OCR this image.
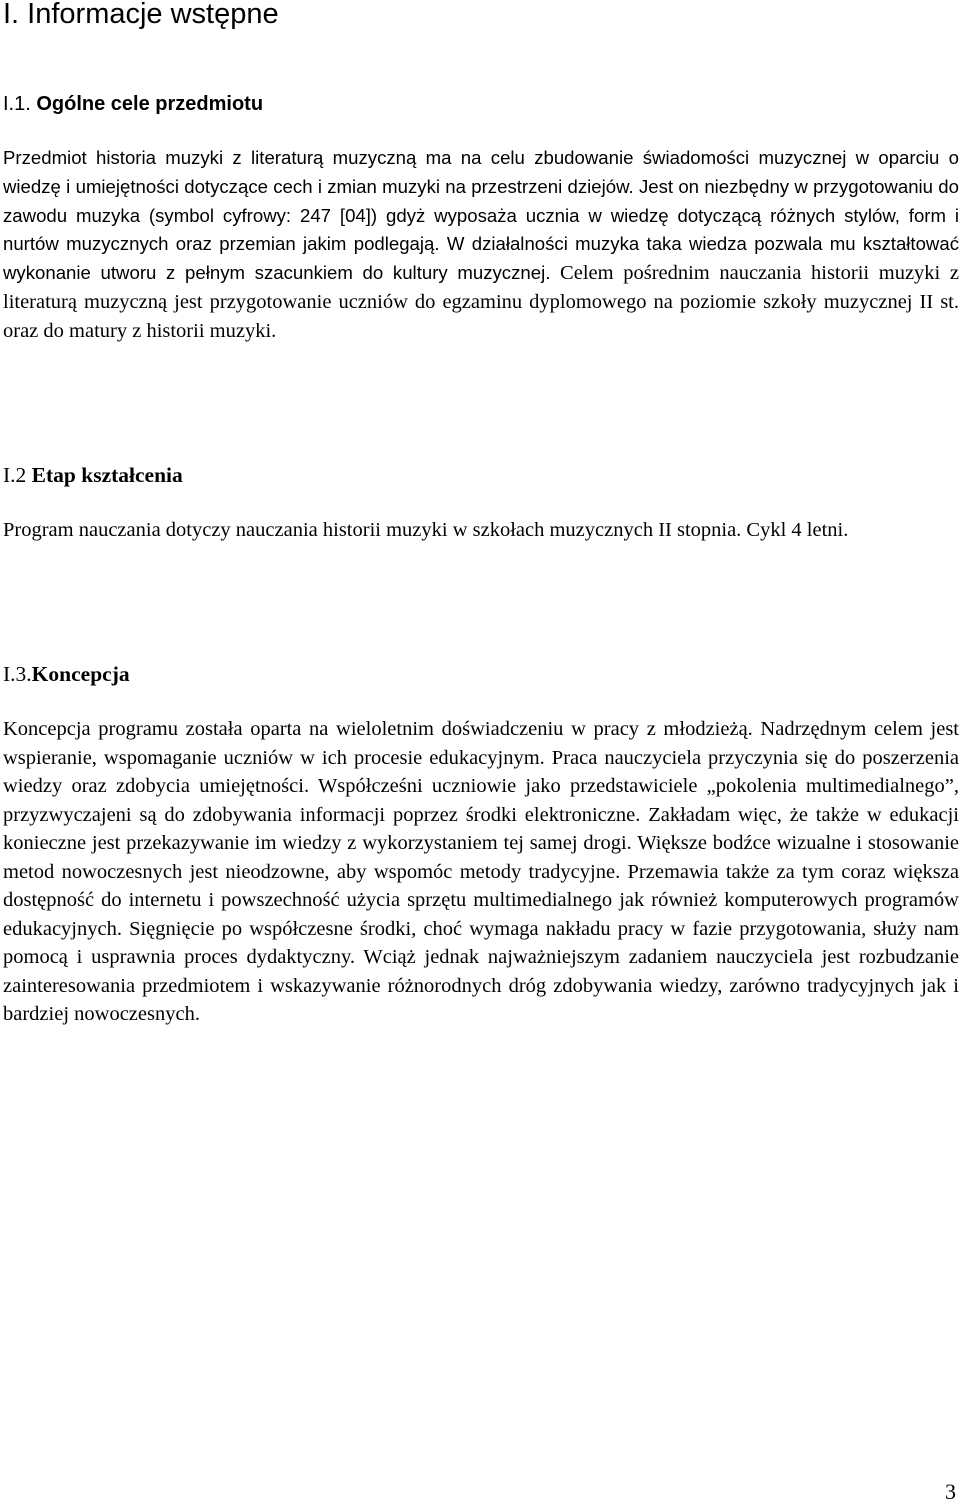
I. Informacje wstępne
I.1. Ogólne cele przedmiotu

Przedmiot historia muzyki z literaturą muzyczną ma na celu zbudowanie świadomości muzycznej w oparciu o wiedzę i umiejętności dotyczące cech i zmian muzyki na przestrzeni dziejów. Jest on niezbędny w przygotowaniu do zawodu muzyka (symbol cyfrowy: 247 [04]) gdyż wyposaża ucznia w wiedzę dotyczącą różnych stylów, form i nurtów muzycznych oraz przemian jakim podlegają. W działalności muzyka taka wiedza pozwala mu kształtować wykonanie utworu z pełnym szacunkiem do kultury muzycznej. Celem pośrednim nauczania historii muzyki z literaturą muzyczną jest przygotowanie uczniów do egzaminu dyplomowego na poziomie szkoły muzycznej II st. oraz do matury z historii muzyki.

I.2 Etap kształcenia

Program nauczania dotyczy nauczania historii muzyki w szkołach muzycznych II stopnia. Cykl 4 letni.

I.3.Koncepcja

Koncepcja programu została oparta na wieloletnim doświadczeniu w pracy z młodzieżą. Nadrzędnym celem jest wspieranie, wspomaganie uczniów w ich procesie edukacyjnym. Praca nauczyciela przyczynia się do poszerzenia wiedzy oraz zdobycia umiejętności. Współcześni uczniowie jako przedstawiciele „pokolenia multimedialnego”, przyzwyczajeni są do zdobywania informacji poprzez środki elektroniczne. Zakładam więc, że także w edukacji konieczne jest przekazywanie im wiedzy z wykorzystaniem tej samej drogi. Większe bodźce wizualne i stosowanie metod nowoczesnych jest nieodzowne, aby wspomóc metody tradycyjne. Przemawia także za tym coraz większa dostępność do internetu i powszechność użycia sprzętu multimedialnego jak również komputerowych programów edukacyjnych. Sięgnięcie po współczesne środki, choć wymaga nakładu pracy w fazie przygotowania, służy nam pomocą i usprawnia proces dydaktyczny. Wciąż jednak najważniejszym zadaniem nauczyciela jest rozbudzanie zainteresowania przedmiotem i wskazywanie różnorodnych dróg zdobywania wiedzy, zarówno tradycyjnych jak i bardziej nowoczesnych.

3
